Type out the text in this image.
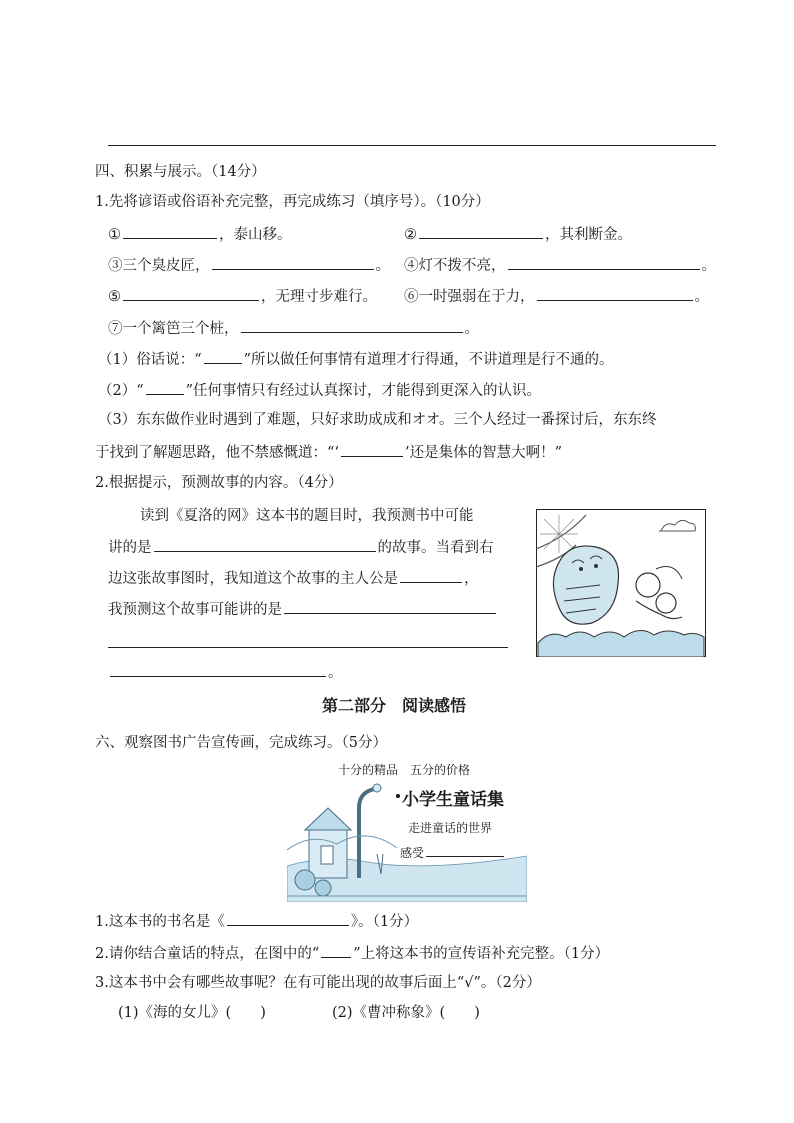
四、积累与展示。（14分）
1.先将谚语或俗语补充完整，再完成练习（填序号）。（10分）
①	，泰山移。	②	，其利断金。
③三个臭皮匠，	。 ④灯不拨不亮，	。
⑤	，无理寸步难行。 ⑥一时强弱在于力，	。
⑦一个篱笆三个桩，	。
（1）俗话说：“	”所以做任何事情有道理才行得通，不讲道理是行不通的。
（2）“	”任何事情只有经过认真探讨，才能得到更深入的认识。
（3）东东做作业时遇到了难题，只好求助成成和オオ。三个人经过一番探讨后，东东终
于找到了解题思路，他不禁感慨道：“‘	’还是集体的智慧大啊！”
2.根据提示，预测故事的内容。（4分）
读到《夏洛的网》这本书的题目时，我预测书中可能
讲的是	的故事。当看到右
边这张故事图时，我知道这个故事的主人公是	，
我预测这个故事可能讲的是
。
第二部分　阅读感悟
六、观察图书广告宣传画，完成练习。（5分）
十分的精品　五分的价格
小学生童话集
走进童话的世界
感受
1.这本书的书名是《	》。（1分）
2.请你结合童话的特点，在图中的“ ”上将这本书的宣传语补充完整。（1分）
3.这本书中会有哪些故事呢？在有可能出现的故事后面上“√”。（2分）
(1)《海的女儿》(　　)	(2)《曹冲称象》(　　)
